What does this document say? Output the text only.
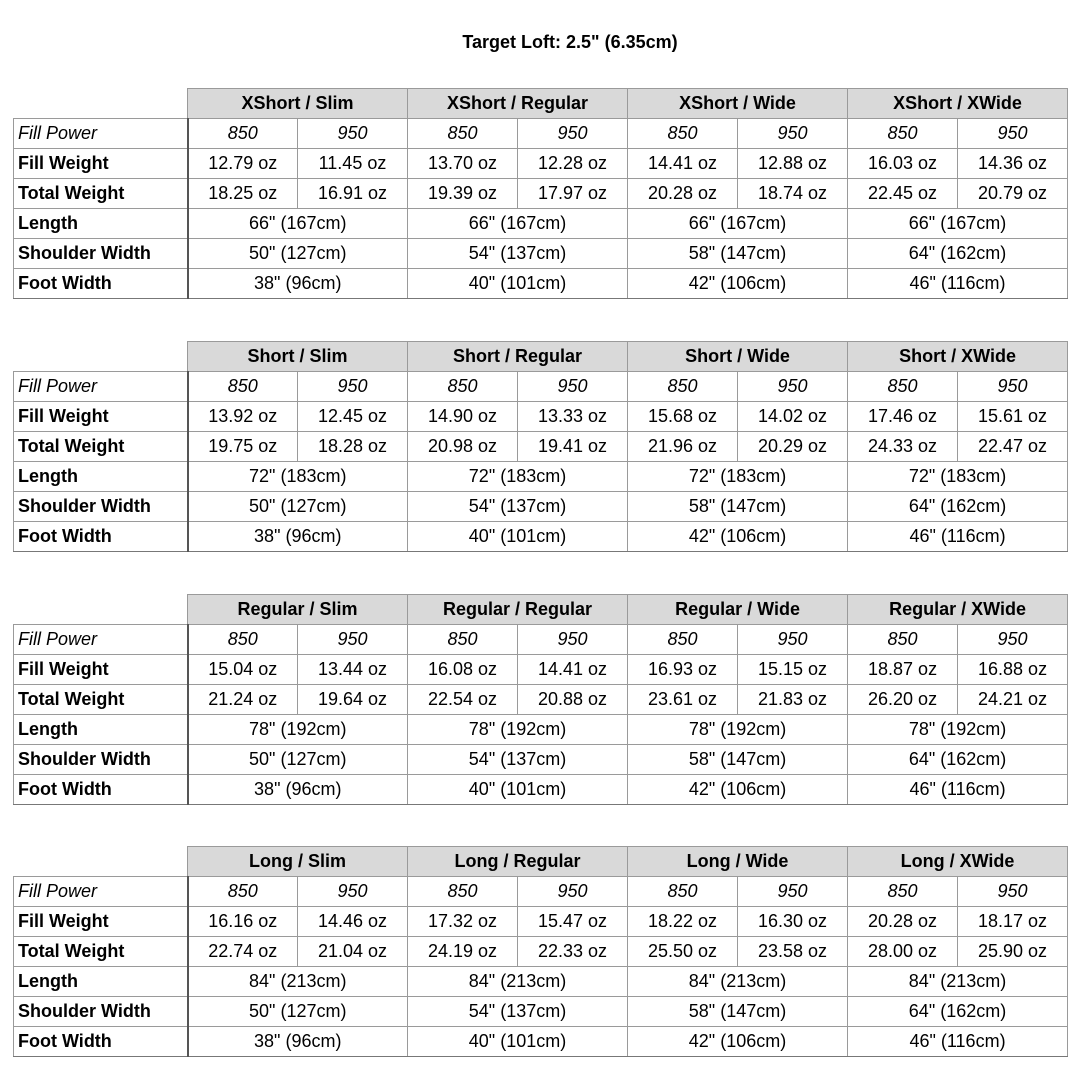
Target Loft: 2.5" (6.35cm)
	XShort / Slim		XShort / Regular		XShort / Wide		XShort / XWide	
Fill Power	850	950	850	950	850	950	850	950
Fill Weight	12.79 oz	11.45 oz	13.70 oz	12.28 oz	14.41 oz	12.88 oz	16.03 oz	14.36 oz
Total Weight	18.25 oz	16.91 oz	19.39 oz	17.97 oz	20.28 oz	18.74 oz	22.45 oz	20.79 oz
Length	66" (167cm)		66" (167cm)		66" (167cm)		66" (167cm)	
Shoulder Width	50" (127cm)		54" (137cm)		58" (147cm)		64" (162cm)	
Foot Width	38" (96cm)		40" (101cm)		42" (106cm)		46" (116cm)	
	Short / Slim		Short / Regular		Short / Wide		Short / XWide	
Fill Power	850	950	850	950	850	950	850	950
Fill Weight	13.92 oz	12.45 oz	14.90 oz	13.33 oz	15.68 oz	14.02 oz	17.46 oz	15.61 oz
Total Weight	19.75 oz	18.28 oz	20.98 oz	19.41 oz	21.96 oz	20.29 oz	24.33 oz	22.47 oz
Length	72" (183cm)		72" (183cm)		72" (183cm)		72" (183cm)	
Shoulder Width	50" (127cm)		54" (137cm)		58" (147cm)		64" (162cm)	
Foot Width	38" (96cm)		40" (101cm)		42" (106cm)		46" (116cm)	
	Regular / Slim		Regular / Regular		Regular / Wide		Regular / XWide	
Fill Power	850	950	850	950	850	950	850	950
Fill Weight	15.04 oz	13.44 oz	16.08 oz	14.41 oz	16.93 oz	15.15 oz	18.87 oz	16.88 oz
Total Weight	21.24 oz	19.64 oz	22.54 oz	20.88 oz	23.61 oz	21.83 oz	26.20 oz	24.21 oz
Length	78" (192cm)		78" (192cm)		78" (192cm)		78" (192cm)	
Shoulder Width	50" (127cm)		54" (137cm)		58" (147cm)		64" (162cm)	
Foot Width	38" (96cm)		40" (101cm)		42" (106cm)		46" (116cm)	
	Long / Slim		Long / Regular		Long / Wide		Long / XWide	
Fill Power	850	950	850	950	850	950	850	950
Fill Weight	16.16 oz	14.46 oz	17.32 oz	15.47 oz	18.22 oz	16.30 oz	20.28 oz	18.17 oz
Total Weight	22.74 oz	21.04 oz	24.19 oz	22.33 oz	25.50 oz	23.58 oz	28.00 oz	25.90 oz
Length	84" (213cm)		84" (213cm)		84" (213cm)		84" (213cm)	
Shoulder Width	50" (127cm)		54" (137cm)		58" (147cm)		64" (162cm)	
Foot Width	38" (96cm)		40" (101cm)		42" (106cm)		46" (116cm)	
